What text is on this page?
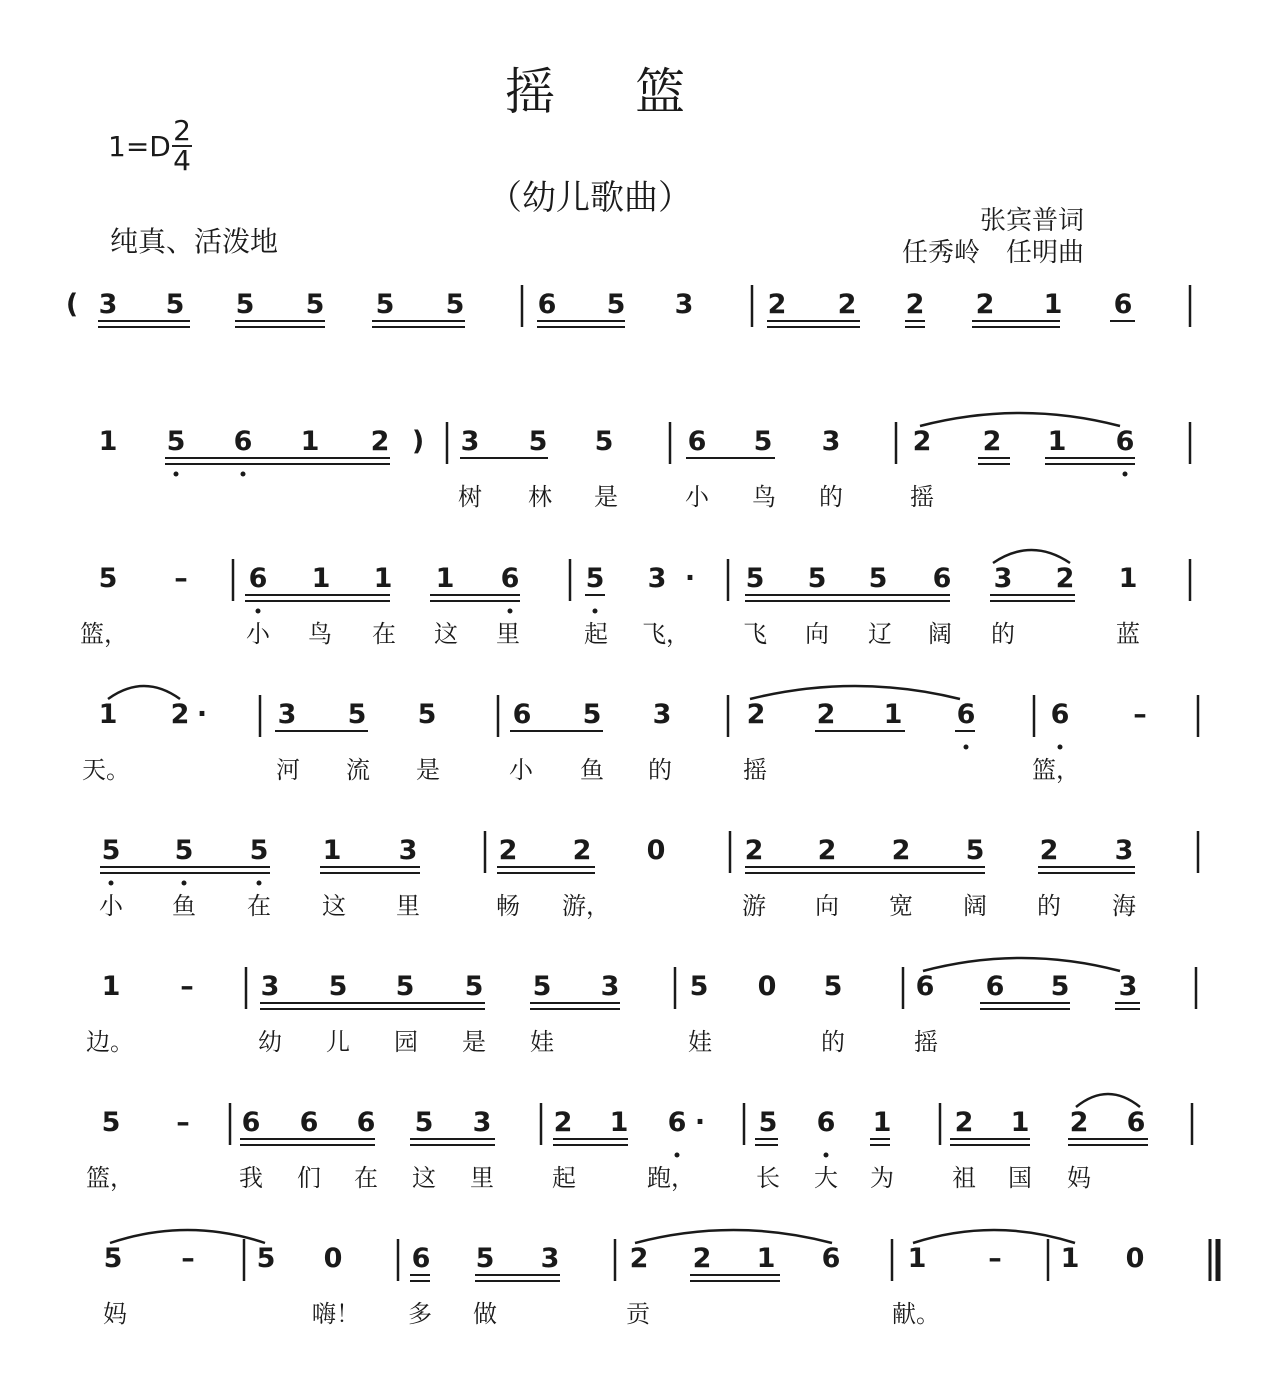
摇篮
1=D 2
4
（幼儿歌曲）
纯真、活泼地
张宾普词
任秀岭　任明曲
( 3 5 5 5 5 5	6 5 3	2 2 2 2 1 6
1 5 6 1 2 )	3 5 5	6 5 3	2 2 1 6
树 林 是	小 鸟 的	摇
5	–	6 1 1 1 6 5 3 ·	5 5 5 6 3 2 1
篮，	小 鸟 在 这 里	起 飞， 飞 向 辽 阔 的	蓝
1 2 ·	3 5 5	6 5 3	2 2 1 6	6	–
天。	河 流 是	小 鱼 的	摇	篮，
5 5 5 1 3	2 2 0	2 2 2 5 2 3
小 鱼 在 这 里	畅 游，	游 向 宽 阔 的 海
1	–	3 5 5 5 5 3	5 0 5	6 6 5 3
边。	幼 儿 园 是 娃	娃	的	摇
5	–	6 6 6 5 3 2 1 6 ·	5 6 1 2 1 2 6
篮，	我 们 在 这 里 起	跑，	长 大 为 祖 国 妈
5	–	5 0	6 5 3	2 2 1 6 1	–	1 0
妈	嗨！ 多 做	贡	献。
